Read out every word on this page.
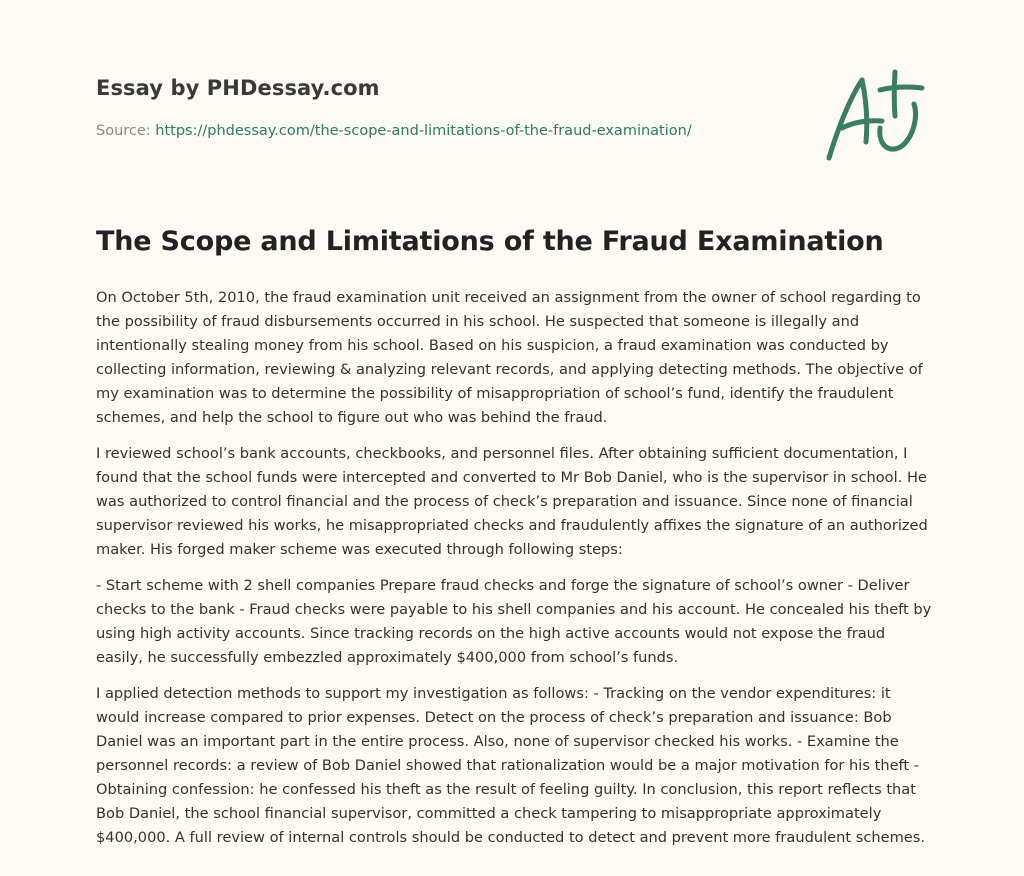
Essay by PHDessay.com
Source: https://phdessay.com/the-scope-and-limitations-of-the-fraud-examination/
The Scope and Limitations of the Fraud Examination

On October 5th, 2010, the fraud examination unit received an assignment from the owner of school regarding to the possibility of fraud disbursements occurred in his school. He suspected that someone is illegally and intentionally stealing money from his school. Based on his suspicion, a fraud examination was conducted by collecting information, reviewing & analyzing relevant records, and applying detecting methods. The objective of my examination was to determine the possibility of misappropriation of school’s fund, identify the fraudulent schemes, and help the school to figure out who was behind the fraud.

I reviewed school’s bank accounts, checkbooks, and personnel files. After obtaining sufficient documentation, I found that the school funds were intercepted and converted to Mr Bob Daniel, who is the supervisor in school. He was authorized to control financial and the process of check’s preparation and issuance. Since none of financial supervisor reviewed his works, he misappropriated checks and fraudulently affixes the signature of an authorized maker. His forged maker scheme was executed through following steps:

- Start scheme with 2 shell companies Prepare fraud checks and forge the signature of school’s owner - Deliver checks to the bank - Fraud checks were payable to his shell companies and his account. He concealed his theft by using high activity accounts. Since tracking records on the high active accounts would not expose the fraud easily, he successfully embezzled approximately $400,000 from school’s funds.

I applied detection methods to support my investigation as follows: - Tracking on the vendor expenditures: it would increase compared to prior expenses. Detect on the process of check’s preparation and issuance: Bob Daniel was an important part in the entire process. Also, none of supervisor checked his works. - Examine the personnel records: a review of Bob Daniel showed that rationalization would be a major motivation for his theft - Obtaining confession: he confessed his theft as the result of feeling guilty. In conclusion, this report reflects that Bob Daniel, the school financial supervisor, committed a check tampering to misappropriate approximately $400,000. A full review of internal controls should be conducted to detect and prevent more fraudulent schemes.
